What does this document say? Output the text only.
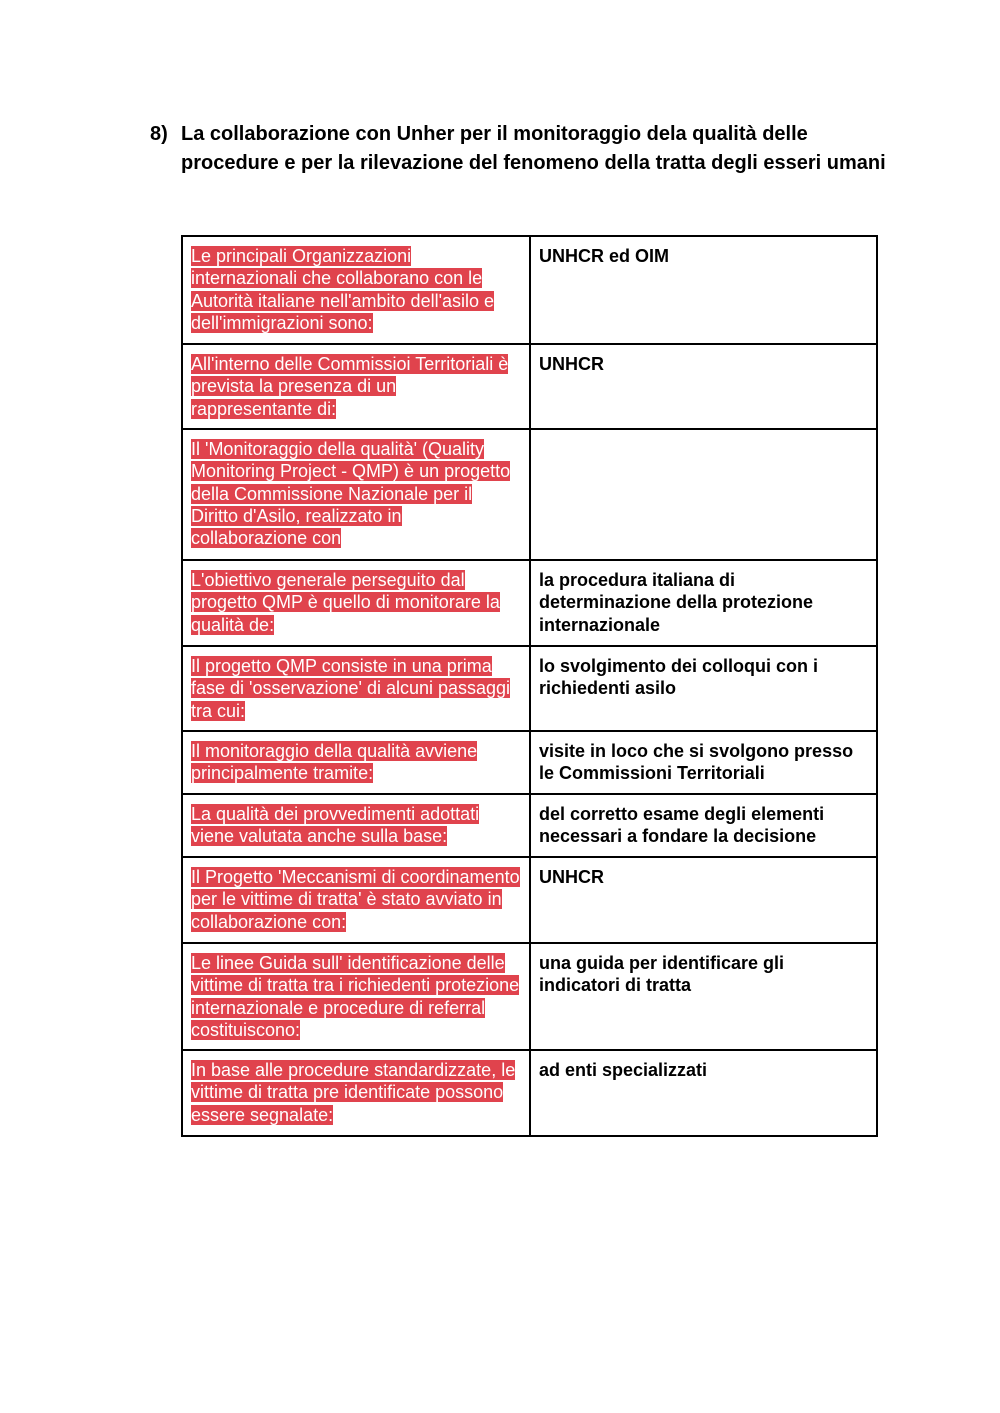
8) La collaborazione con Unher per il monitoraggio dela qualità delle procedure e per la rilevazione del fenomeno della tratta degli esseri umani
Le principali Organizzazioni internazionali che collaborano con le Autorità italiane nell'ambito dell'asilo e dell'immigrazioni sono:	UNHCR ed OIM
All'interno delle Commissioi Territoriali è prevista la presenza di un rappresentante di:	UNHCR
Il 'Monitoraggio della qualità' (Quality Monitoring Project - QMP) è un progetto della Commissione Nazionale per il Diritto d'Asilo, realizzato in collaborazione con	
L'obiettivo generale perseguito dal progetto QMP è quello di monitorare la qualità de:	la procedura italiana di determinazione della protezione internazionale
Il progetto QMP consiste in una prima fase di 'osservazione' di alcuni passaggi tra cui:	lo svolgimento dei colloqui con i richiedenti asilo
Il monitoraggio della qualità avviene principalmente tramite:	visite in loco che si svolgono presso le Commissioni Territoriali
La qualità dei provvedimenti adottati viene valutata anche sulla base:	del corretto esame degli elementi necessari a fondare la decisione
Il Progetto 'Meccanismi di coordinamento per le vittime di tratta' è stato avviato in collaborazione con:	UNHCR
Le linee Guida sull' identificazione delle vittime di tratta tra i richiedenti protezione internazionale e procedure di referral costituiscono:	una guida per identificare gli indicatori di tratta
In base alle procedure standardizzate, le vittime di tratta pre identificate possono essere segnalate:	ad enti specializzati
